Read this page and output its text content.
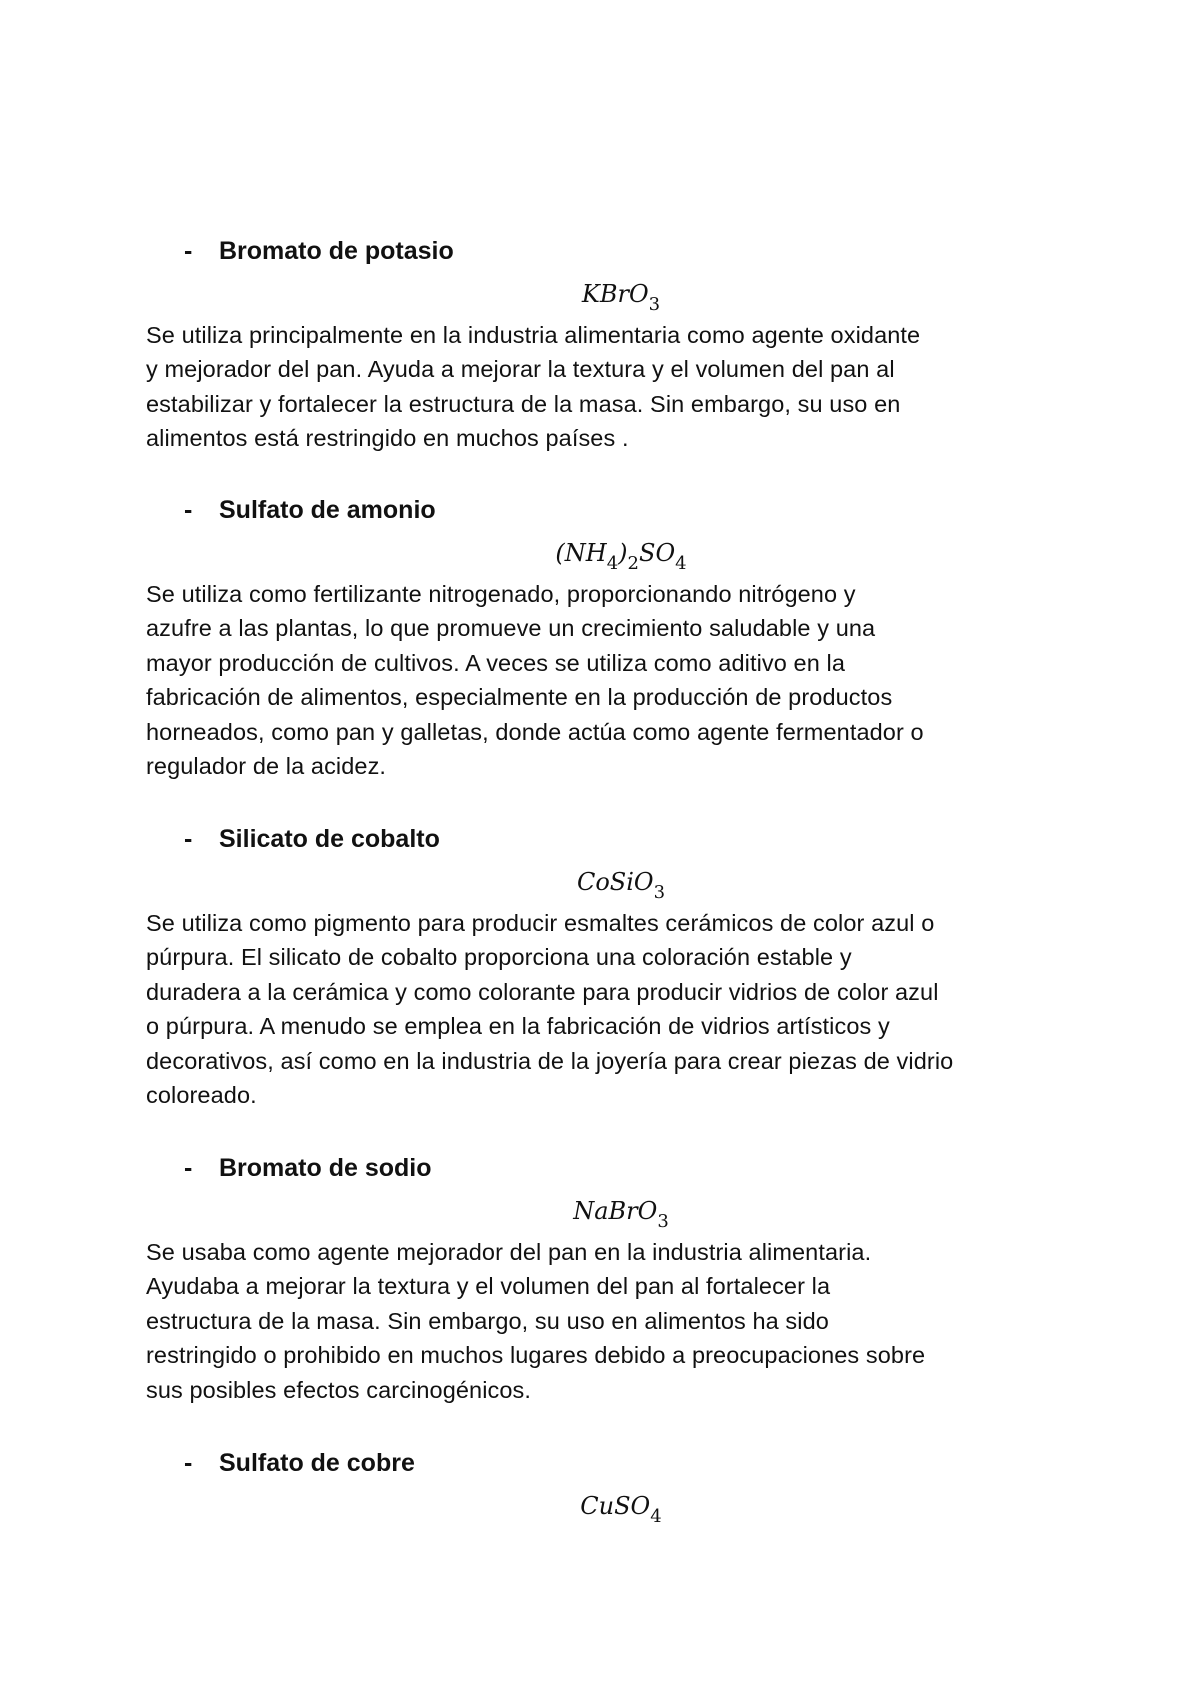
- Bromato de potasio
KBrO$_3$
Se utiliza principalmente en la industria alimentaria como agente oxidante
y mejorador del pan. Ayuda a mejorar la textura y el volumen del pan al
estabilizar y fortalecer la estructura de la masa. Sin embargo, su uso en
alimentos está restringido en muchos países .
- Sulfato de amonio
$(NH_4)_2SO_4$
Se utiliza como fertilizante nitrogenado, proporcionando nitrógeno y
azufre a las plantas, lo que promueve un crecimiento saludable y una
mayor producción de cultivos. A veces se utiliza como aditivo en la
fabricación de alimentos, especialmente en la producción de productos
horneados, como pan y galletas, donde actúa como agente fermentador o
regulador de la acidez.
- Silicato de cobalto
CoSiO$_3$
Se utiliza como pigmento para producir esmaltes cerámicos de color azul o
púrpura. El silicato de cobalto proporciona una coloración estable y
duradera a la cerámica y como colorante para producir vidrios de color azul
o púrpura. A menudo se emplea en la fabricación de vidrios artísticos y
decorativos, así como en la industria de la joyería para crear piezas de vidrio
coloreado.
- Bromato de sodio
NaBrO$_3$
Se usaba como agente mejorador del pan en la industria alimentaria.
Ayudaba a mejorar la textura y el volumen del pan al fortalecer la
estructura de la masa. Sin embargo, su uso en alimentos ha sido
restringido o prohibido en muchos lugares debido a preocupaciones sobre
sus posibles efectos carcinogénicos.
- Sulfato de cobre
CuSO$_4$
